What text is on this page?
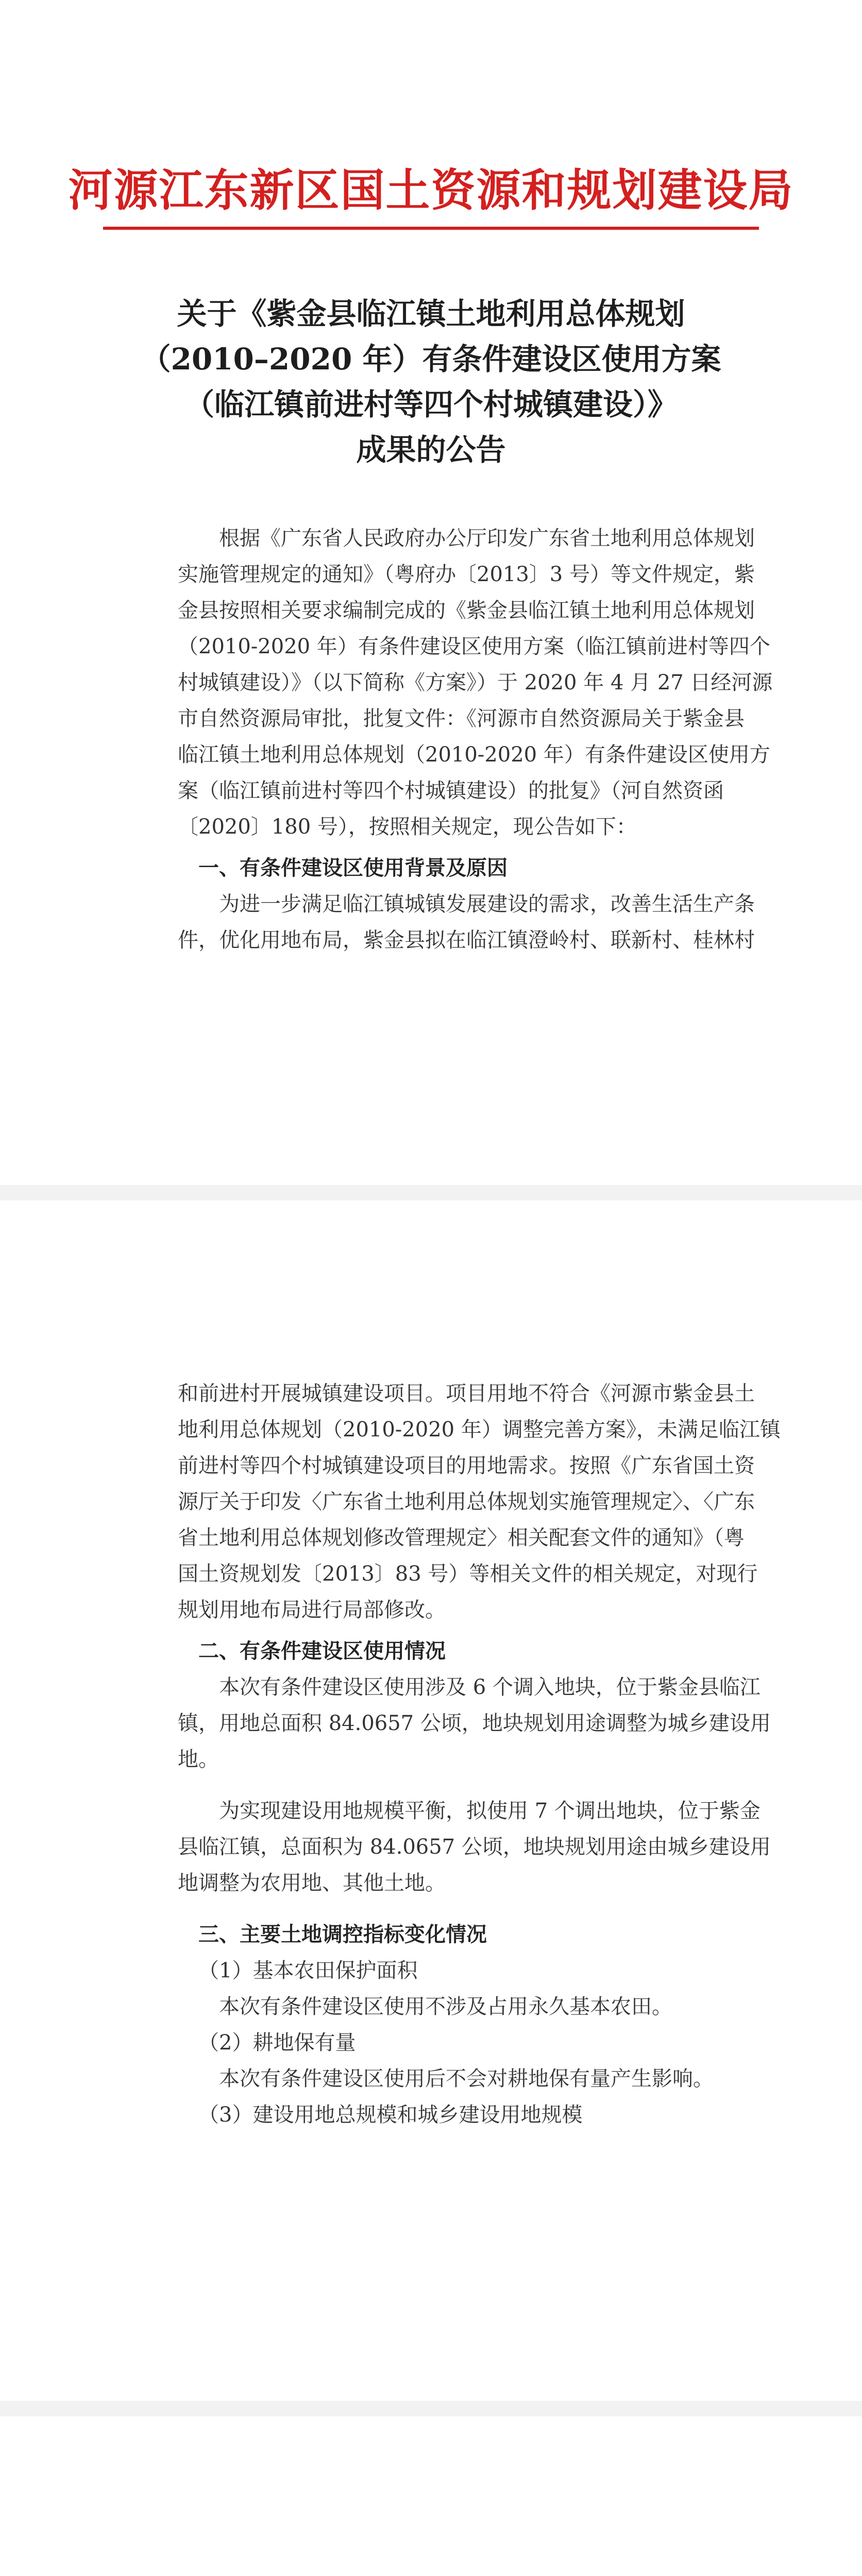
河源江东新区国土资源和规划建设局
关于《紫金县临江镇土地利用总体规划
（2010–2020 年）有条件建设区使用方案
（临江镇前进村等四个村城镇建设）》
成果的公告
根据《广东省人民政府办公厅印发广东省土地利用总体规划
实施管理规定的通知》（粤府办〔2013〕3 号）等文件规定，紫
金县按照相关要求编制完成的《紫金县临江镇土地利用总体规划
（2010-2020 年）有条件建设区使用方案（临江镇前进村等四个
村城镇建设）》（以下简称《方案》）于 2020 年 4 月 27 日经河源
市自然资源局审批，批复文件：《河源市自然资源局关于紫金县
临江镇土地利用总体规划（2010-2020 年）有条件建设区使用方
案（临江镇前进村等四个村城镇建设）的批复》（河自然资函
〔2020〕180 号），按照相关规定，现公告如下：
一、有条件建设区使用背景及原因
为进一步满足临江镇城镇发展建设的需求，改善生活生产条
件，优化用地布局，紫金县拟在临江镇澄岭村、联新村、桂林村
和前进村开展城镇建设项目。项目用地不符合《河源市紫金县土
地利用总体规划（2010-2020 年）调整完善方案》，未满足临江镇
前进村等四个村城镇建设项目的用地需求。按照《广东省国土资
源厅关于印发〈广东省土地利用总体规划实施管理规定〉、〈广东
省土地利用总体规划修改管理规定〉相关配套文件的通知》（粤
国土资规划发〔2013〕83 号）等相关文件的相关规定，对现行
规划用地布局进行局部修改。
二、有条件建设区使用情况
本次有条件建设区使用涉及 6 个调入地块，位于紫金县临江
镇，用地总面积 84.0657 公顷，地块规划用途调整为城乡建设用
地。
为实现建设用地规模平衡，拟使用 7 个调出地块，位于紫金
县临江镇，总面积为 84.0657 公顷，地块规划用途由城乡建设用
地调整为农用地、其他土地。
三、主要土地调控指标变化情况
（1）基本农田保护面积
本次有条件建设区使用不涉及占用永久基本农田。
（2）耕地保有量
本次有条件建设区使用后不会对耕地保有量产生影响。
（3）建设用地总规模和城乡建设用地规模
